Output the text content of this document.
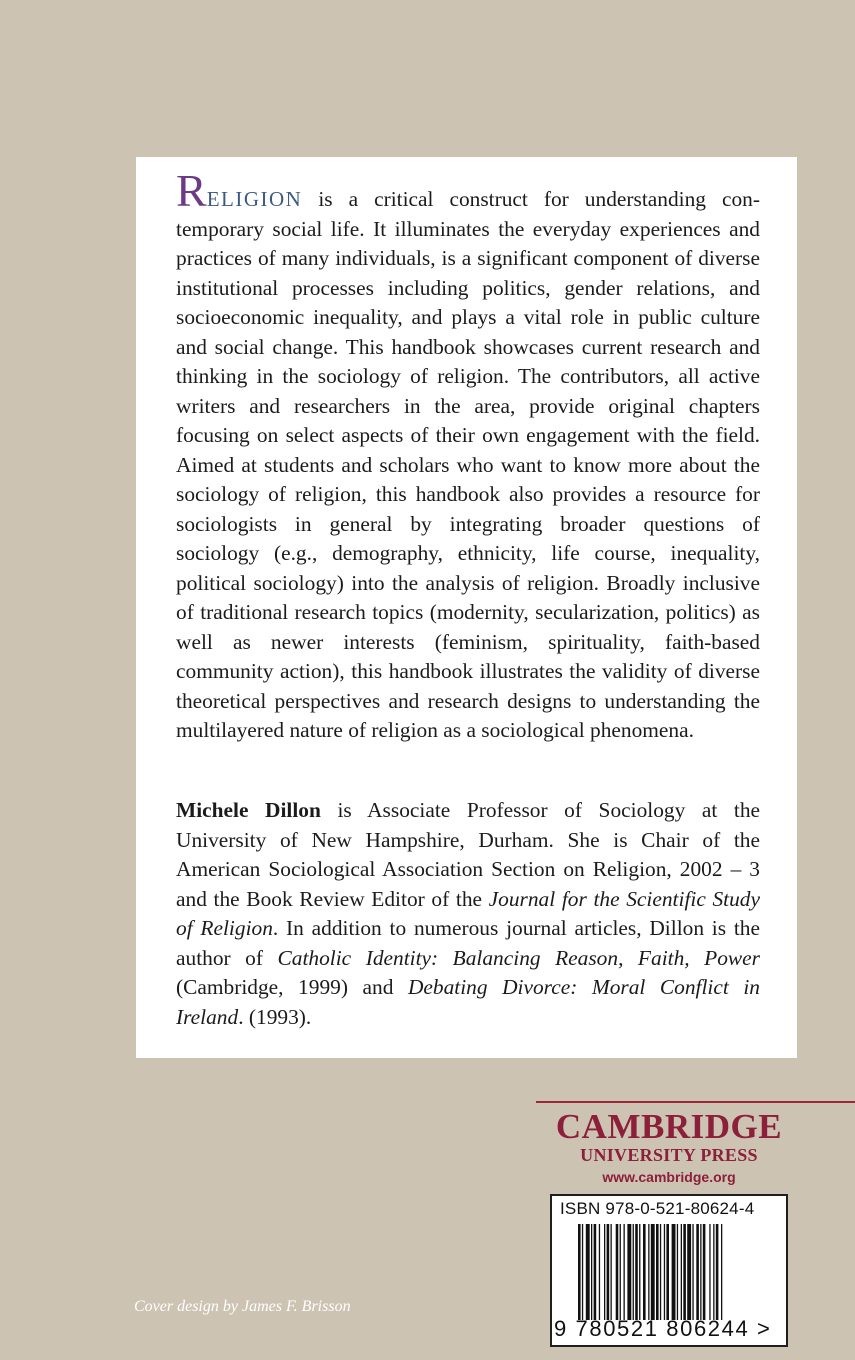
RELIGION is a critical construct for understanding contemporary social life. It illuminates the everyday experiences and practices of many individuals, is a significant component of diverse institutional processes including politics, gender relations, and socioeconomic inequality, and plays a vital role in public culture and social change. This handbook showcases current research and thinking in the sociology of religion. The contributors, all active writers and researchers in the area, provide original chapters focusing on select aspects of their own engagement with the field. Aimed at students and scholars who want to know more about the sociology of religion, this handbook also provides a resource for sociologists in general by integrating broader questions of sociology (e.g., demography, ethnicity, life course, inequality, political sociology) into the analysis of religion. Broadly inclusive of traditional research topics (modernity, secularization, politics) as well as newer interests (feminism, spirituality, faith-based community action), this handbook illustrates the validity of diverse theoretical perspectives and research designs to understanding the multilayered nature of religion as a sociological phenomena.
Michele Dillon is Associate Professor of Sociology at the University of New Hampshire, Durham. She is Chair of the American Sociological Association Section on Religion, 2002 – 3 and the Book Review Editor of the Journal for the Scientific Study of Religion. In addition to numerous journal articles, Dillon is the author of Catholic Identity: Balancing Reason, Faith, Power (Cambridge, 1999) and Debating Divorce: Moral Conflict in Ireland. (1993).
CAMBRIDGE
UNIVERSITY PRESS
www.cambridge.org
ISBN 978-0-521-80624-4
9 780521 806244 >
Cover design by James F. Brisson
